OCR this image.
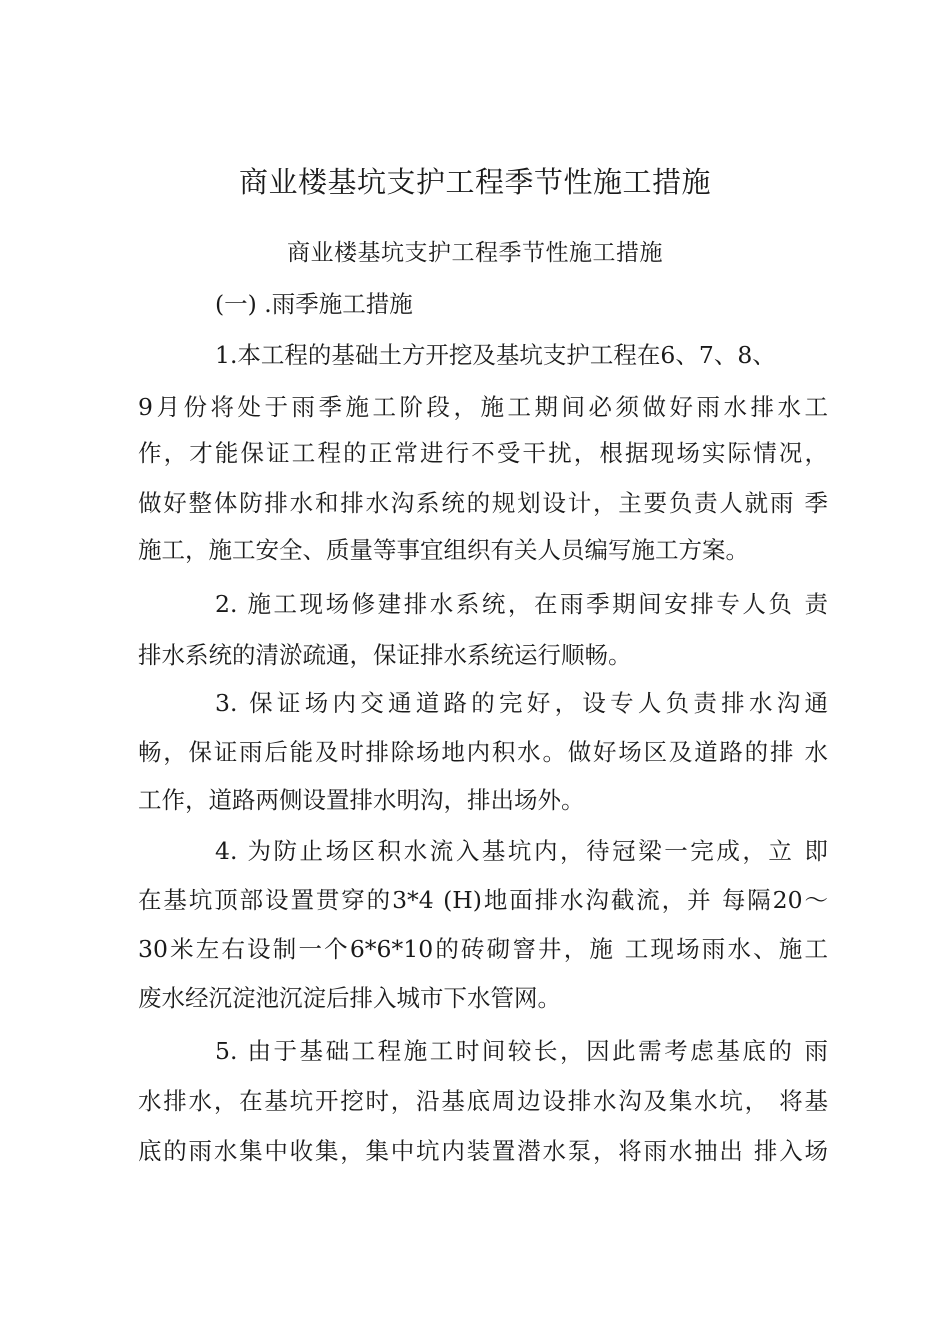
商业楼基坑支护工程季节性施工措施
商业楼基坑支护工程季节性施工措施
(一) .雨季施工措施
1.本工程的基础土方开挖及基坑支护工程在6、7、8、
9月份将处于雨季施工阶段，施工期间必须做好雨水排水工
作，才能保证工程的正常进行不受干扰，根据现场实际情况，
做好整体防排水和排水沟系统的规划设计，主要负责人就雨 季
施工，施工安全、质量等事宜组织有关人员编写施工方案。
2. 施工现场修建排水系统，在雨季期间安排专人负 责
排水系统的清淤疏通，保证排水系统运行顺畅。
3. 保证场内交通道路的完好，设专人负责排水沟通
畅，保证雨后能及时排除场地内积水。做好场区及道路的排 水
工作，道路两侧设置排水明沟，排出场外。
4. 为防止场区积水流入基坑内，待冠梁一完成，立 即
在基坑顶部设置贯穿的3*4 (H)地面排水沟截流，并 每隔20〜
30米左右设制一个6*6*10的砖砌窨井，施 工现场雨水、施工
废水经沉淀池沉淀后排入城市下水管网。
5. 由于基础工程施工时间较长，因此需考虑基底的 雨
水排水，在基坑开挖时，沿基底周边设排水沟及集水坑， 将基
底的雨水集中收集，集中坑内装置潜水泵，将雨水抽出 排入场
